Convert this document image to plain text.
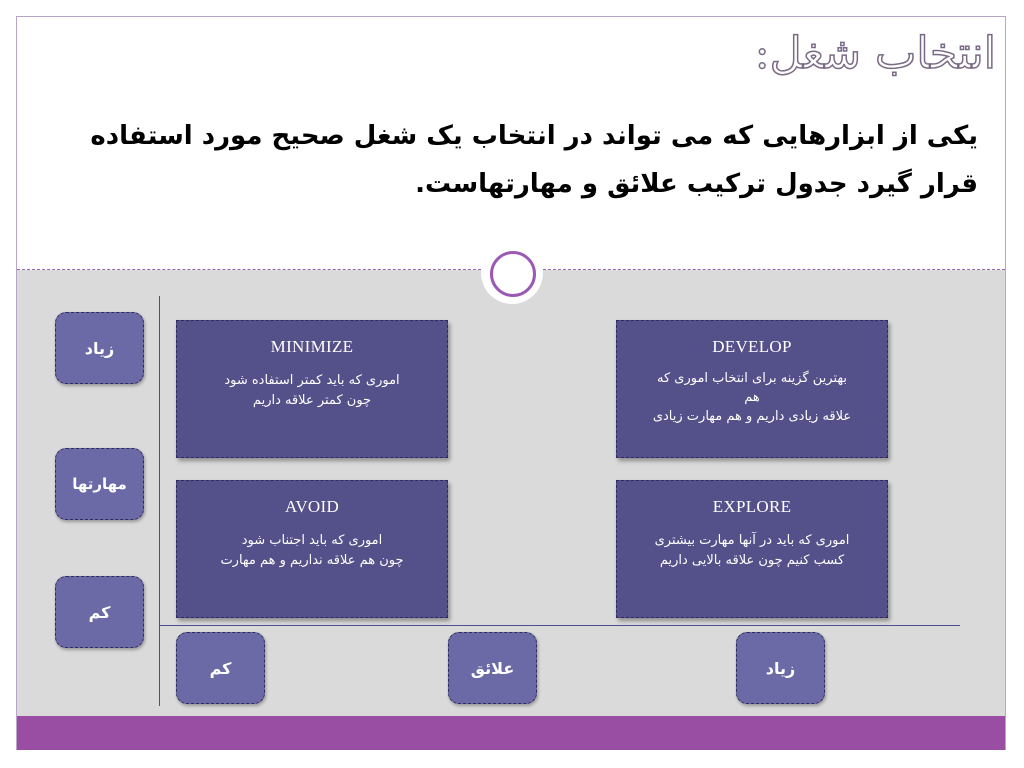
انتخاب شغل:
یکی از ابزارهایی که می تواند در انتخاب یک شغل صحیح مورد استفاده قرار گیرد جدول ترکیب علائق و مهارتهاست.
زیاد
مهارتها
کم
کم	علائق	زیاد
MINIMIZE
اموری که باید کمتر استفاده شود
چون کمتر علاقه داریم
DEVELOP
بهترین گزینه برای انتخاب اموری که
هم
علاقه زیادی داریم و هم مهارت زیادی
AVOID
اموری که باید اجتناب شود
چون هم علاقه نداریم و هم مهارت
EXPLORE
اموری که باید در آنها مهارت بیشتری
کسب کنیم چون علاقه بالایی داریم
